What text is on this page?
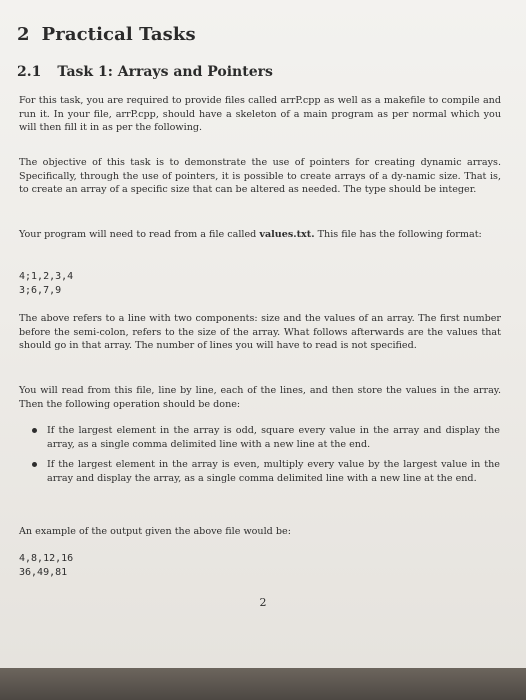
2 Practical Tasks
2.1 Task 1: Arrays and Pointers

For this task, you are required to provide files called arrP.cpp as well as a makefile to compile and run it. In your file, arrP.cpp, should have a skeleton of a main program as per normal which you will then fill it in as per the following.

The objective of this task is to demonstrate the use of pointers for creating dynamic arrays. Specifically, through the use of pointers, it is possible to create arrays of a dy-namic size. That is, to create an array of a specific size that can be altered as needed. The type should be integer.

Your program will need to read from a file called values.txt. This file has the following format:

4;1,2,3,4
3;6,7,9

The above refers to a line with two components: size and the values of an array. The first number before the semi-colon, refers to the size of the array. What follows afterwards are the values that should go in that array. The number of lines you will have to read is not specified.

You will read from this file, line by line, each of the lines, and then store the values in the array. Then the following operation should be done:

If the largest element in the array is odd, square every value in the array and display the array, as a single comma delimited line with a new line at the end.
If the largest element in the array is even, multiply every value by the largest value in the array and display the array, as a single comma delimited line with a new line at the end.

An example of the output given the above file would be:

4,8,12,16
36,49,81
2
